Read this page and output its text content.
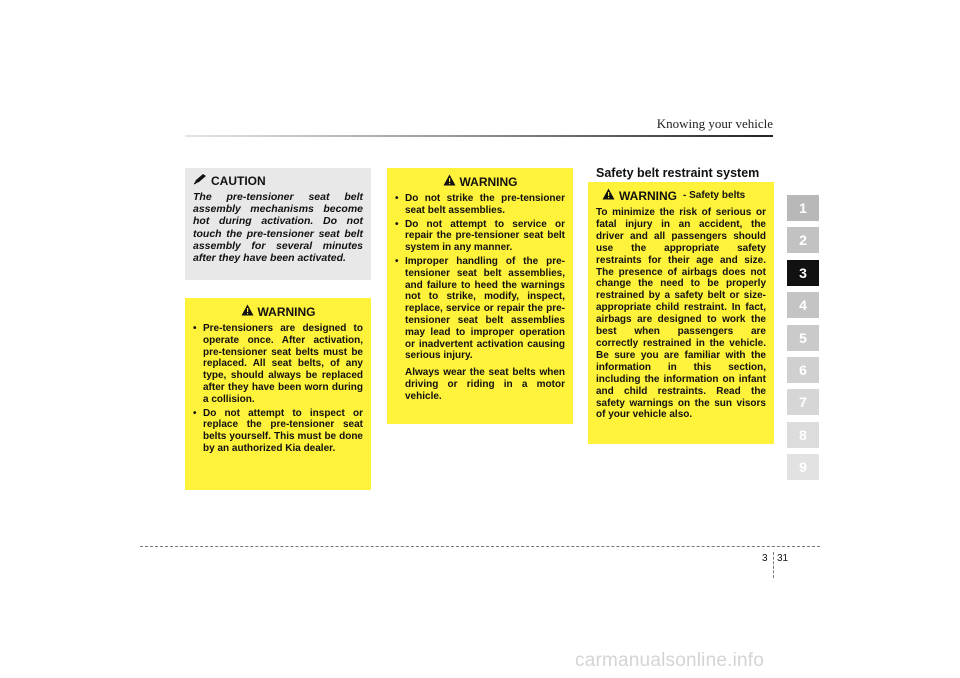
Knowing your vehicle
CAUTION
The pre-tensioner seat belt assembly mechanisms become hot during activation. Do not touch the pre-tensioner seat belt assembly for several minutes after they have been activated.
WARNING
• Pre-tensioners are designed to operate once. After activation, pre-tensioner seat belts must be replaced. All seat belts, of any type, should always be replaced after they have been worn during a collision.
• Do not attempt to inspect or replace the pre-tensioner seat belts yourself. This must be done by an authorized Kia dealer.
WARNING
• Do not strike the pre-tensioner seat belt assemblies.
• Do not attempt to service or repair the pre-tensioner seat belt system in any manner.
• Improper handling of the pre-tensioner seat belt assemblies, and failure to heed the warnings not to strike, modify, inspect, replace, service or repair the pre-tensioner seat belt assemblies may lead to improper operation or inadvertent activation causing serious injury.
Always wear the seat belts when driving or riding in a motor vehicle.
Safety belt restraint system
WARNING - Safety belts
To minimize the risk of serious or fatal injury in an accident, the driver and all passengers should use the appropriate safety restraints for their age and size. The presence of airbags does not change the need to be properly restrained by a safety belt or size-appropriate child restraint. In fact, airbags are designed to work the best when passengers are correctly restrained in the vehicle. Be sure you are familiar with the information in this section, including the information on infant and child restraints. Read the safety warnings on the sun visors of your vehicle also.
1
2
3
4
5
6
7
8
9
3 31
carmanualsonline.info
